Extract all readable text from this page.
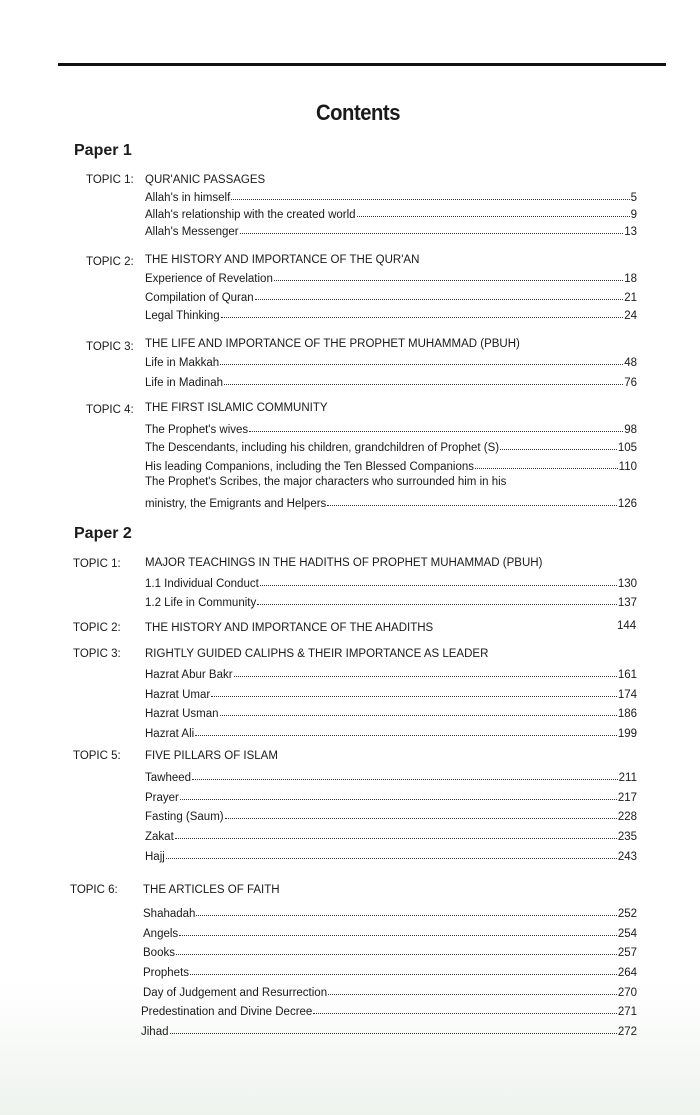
Contents
Paper 1
TOPIC 1: QUR'ANIC PASSAGES
Allah's in himself	5
Allah's relationship with the created world	9
Allah's Messenger	13
TOPIC 2: THE HISTORY AND IMPORTANCE OF THE QUR'AN
Experience of Revelation	18
Compilation of Quran	21
Legal Thinking	24
TOPIC 3: THE LIFE AND IMPORTANCE OF THE PROPHET MUHAMMAD (PBUH)
Life in Makkah	48
Life in Madinah	76
TOPIC 4: THE FIRST ISLAMIC COMMUNITY
The Prophet's wives	98
The Descendants, including his children, grandchildren of Prophet (S)	105
His leading Companions, including the Ten Blessed Companions	110
The Prophet's Scribes, the major characters who surrounded him in his
ministry, the Emigrants and Helpers	126
Paper 2
TOPIC 1: MAJOR TEACHINGS IN THE HADITHS OF PROPHET MUHAMMAD (PBUH)
1.1 Individual Conduct	130
1.2 Life in Community	137
TOPIC 2: THE HISTORY AND IMPORTANCE OF THE AHADITHS	144
TOPIC 3: RIGHTLY GUIDED CALIPHS & THEIR IMPORTANCE AS LEADER
Hazrat Abur Bakr	161
Hazrat Umar	174
Hazrat Usman	186
Hazrat Ali	199
TOPIC 5: FIVE PILLARS OF ISLAM
Tawheed	211
Prayer	217
Fasting (Saum)	228
Zakat	235
Hajj	243
TOPIC 6: THE ARTICLES OF FAITH
Shahadah	252
Angels	254
Books	257
Prophets	264
Day of Judgement and Resurrection	270
Predestination and Divine Decree	271
Jihad	272
